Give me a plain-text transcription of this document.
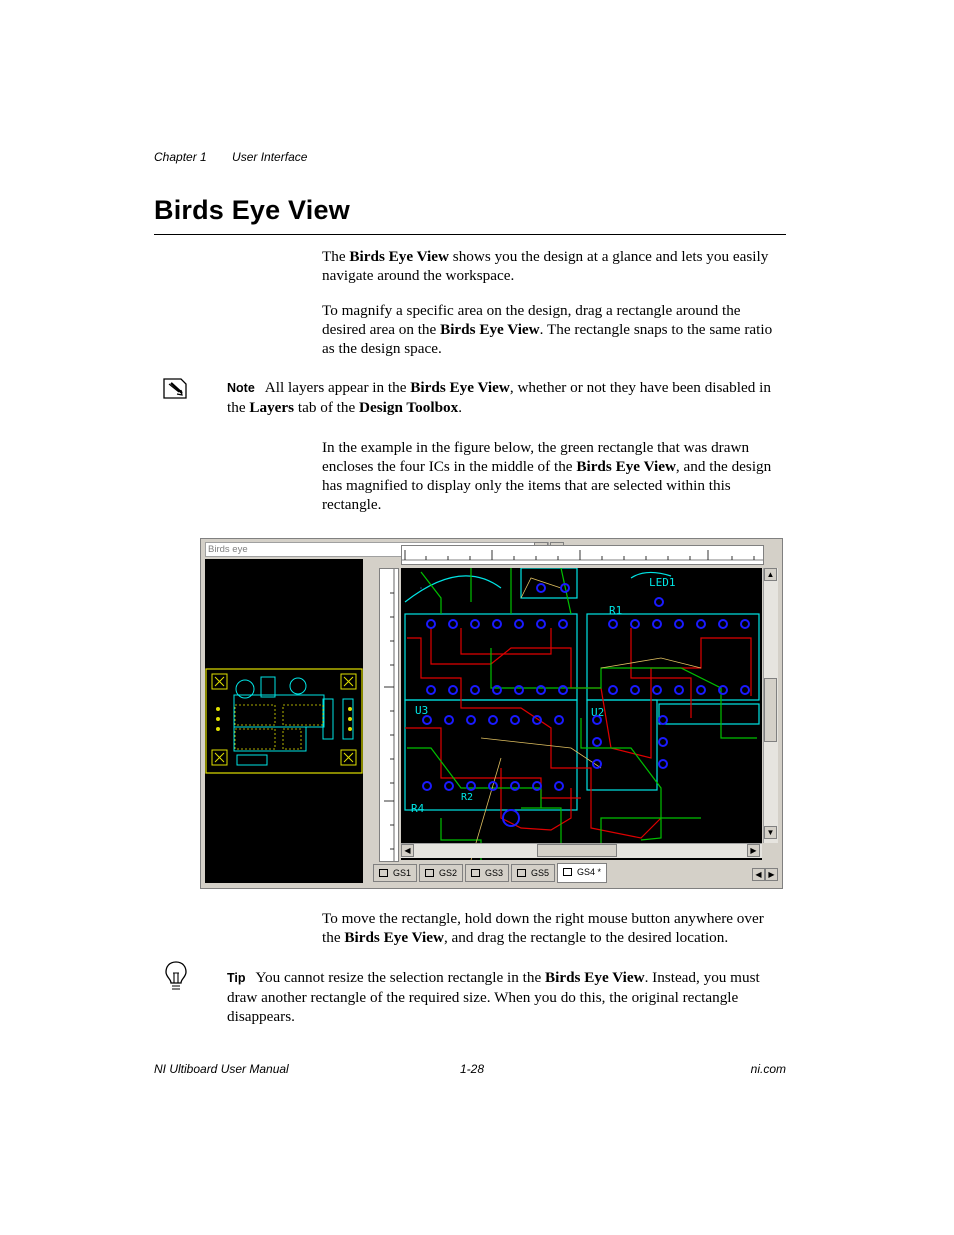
Chapter 1 User Interface
Birds Eye View

The Birds Eye View shows you the design at a glance and lets you easily navigate around the workspace.

To magnify a specific area on the design, drag a rectangle around the desired area on the Birds Eye View. The rectangle snaps to the same ratio as the design space.

Note All layers appear in the Birds Eye View, whether or not they have been disabled in the Layers tab of the Design Toolbox.

In the example in the figure below, the green rectangle that was drawn encloses the four ICs in the middle of the Birds Eye View, and the design has magnified to display only the items that are selected within this rectangle.

Birds eye	▲	✕
LED1
R1
U3	U2
R4
R2
▲
▼
◀	▶
GS1	GS2	GS3	GS5	GS4 *	◀ ▶

To move the rectangle, hold down the right mouse button anywhere over the Birds Eye View, and drag the rectangle to the desired location.

Tip You cannot resize the selection rectangle in the Birds Eye View. Instead, you must draw another rectangle of the required size. When you do this, the original rectangle disappears.

NI Ultiboard User Manual	1-28	ni.com
